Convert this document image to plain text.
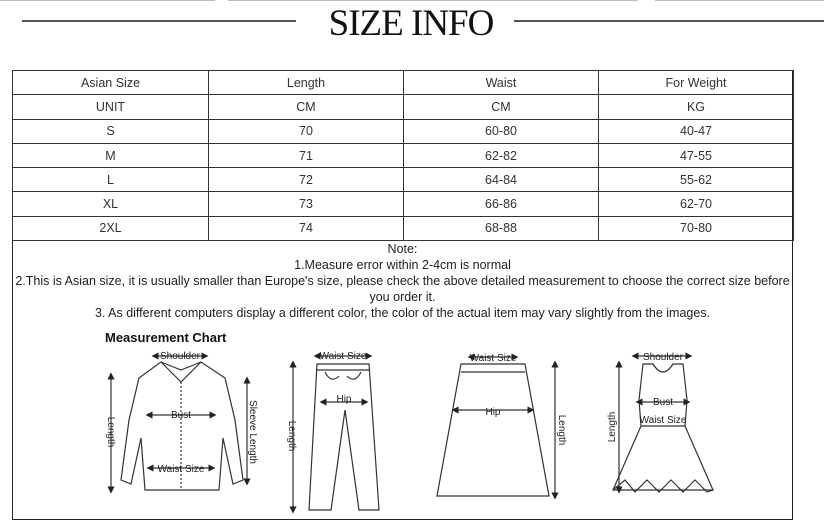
SIZE INFO
Asian Size	Length	Waist	For Weight
UNIT	CM	CM	KG
S	70	60-80	40-47
M	71	62-82	47-55
L	72	64-84	55-62
XL	73	66-86	62-70
2XL	74	68-88	70-80
Note:
1.Measure error within 2-4cm is normal
2.This is Asian size, it is usually smaller than Europe's size, please check the above detailed measurement to choose the correct size before you order it.
3. As different computers display a different color, the color of the actual item may vary slightly from the images.
Measurement Chart
Shoulder
Bust
Waist Size
Length	Sleeve Length
Waist Size
Hip
Length
Waist Size
Hip
Length
Shoulder
Bust
Waist Size
Length
